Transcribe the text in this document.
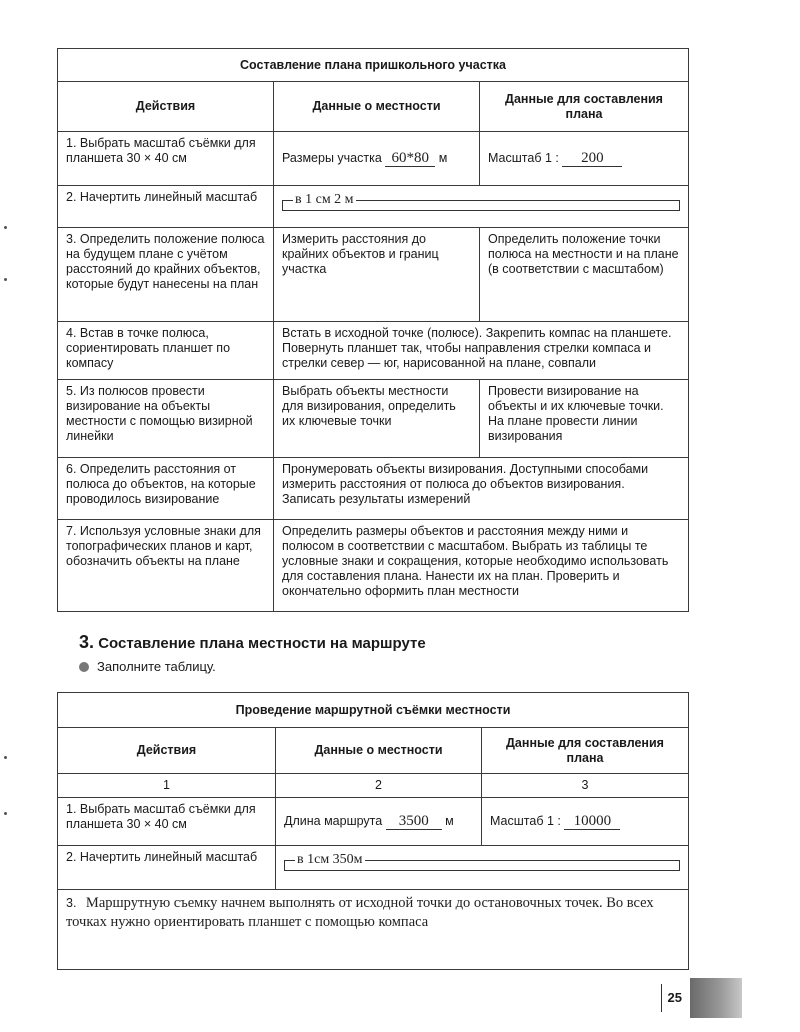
Составление плана пришкольного участка		
Действия	Данные о местности	Данные для составления плана
1. Выбрать масштаб съёмки для планшета 30 × 40 см	Размеры участка 60*80 м	Масштаб 1 : 200
2. Начертить линейный масштаб	в 1 см 2 м	

3. Определить положение полюса на будущем плане с учётом расстояний до крайних объектов, которые будут нанесены на план	Измерить расстояния до крайних объектов и границ участка	Определить положение точки полюса на местности и на плане (в соответствии с масштабом)
4. Встав в точке полюса, сориентировать планшет по компасу	Встать в исходной точке (полюсе). Закрепить компас на планшете. Повернуть планшет так, чтобы направления стрелки компаса и стрелки север — юг, нарисованной на плане, совпали	
5. Из полюсов провести визирование на объекты местности с помощью визирной линейки	Выбрать объекты местности для визирования, определить их ключевые точки	Провести визирование на объекты и их ключевые точки. На плане провести линии визирования
6. Определить расстояния от полюса до объектов, на которые проводилось визирование	Пронумеровать объекты визирования. Доступными способами измерить расстояния от полюса до объектов визирования. Записать результаты измерений	
7. Используя условные знаки для топографических планов и карт, обозначить объекты на плане	Определить размеры объектов и расстояния между ними и полюсом в соответствии с масштабом. Выбрать из таблицы те условные знаки и сокращения, которые необходимо использовать для составления плана. Нанести их на план. Проверить и окончательно оформить план местности	
3. Составление плана местности на маршруте
Заполните таблицу.
Проведение маршрутной съёмки местности		
Действия	Данные о местности	Данные для составления плана
1	2	3
1. Выбрать масштаб съёмки для планшета 30 × 40 см	Длина маршрута 3500 м	Масштаб 1 : 10000
2. Начертить линейный масштаб	в 1см 350м	

3. Маршрутную съемку начнем выполнять от исходной точки до остановочных точек. Во всех точках нужно ориентировать планшет с помощью компаса		
25
